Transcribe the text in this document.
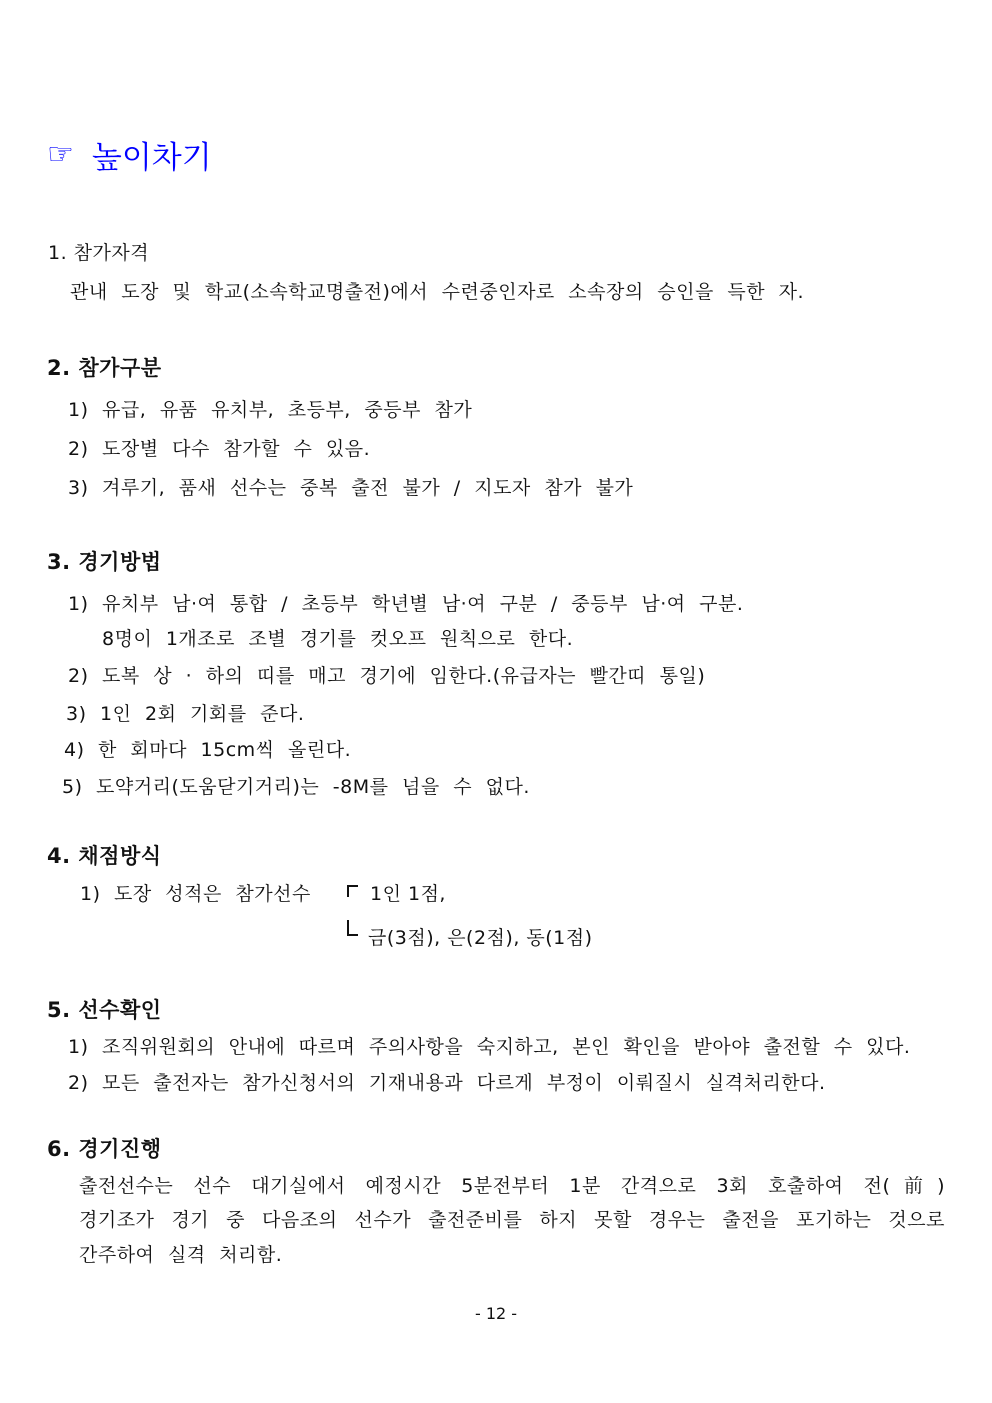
☞ 높이차기
1. 참가자격
관내 도장 및 학교(소속학교명출전)에서 수련중인자로 소속장의 승인을 득한 자.
2. 참가구분
1) 유급, 유품 유치부, 초등부, 중등부 참가
2) 도장별 다수 참가할 수 있음.
3) 겨루기, 품새 선수는 중복 출전 불가 / 지도자 참가 불가
3. 경기방법
1) 유치부 남·여 통합 / 초등부 학년별 남·여 구분 / 중등부 남·여 구분.
8명이 1개조로 조별 경기를 컷오프 원칙으로 한다.
2) 도복 상 · 하의 띠를 매고 경기에 임한다.(유급자는 빨간띠 통일)
3) 1인 2회 기회를 준다.
4) 한 회마다 15cm씩 올린다.
5) 도약거리(도움닫기거리)는 -8M를 넘을 수 없다.
4. 채점방식
1) 도장 성적은 참가선수	1인 1점,
금(3점), 은(2점), 동(1점)
5. 선수확인
1) 조직위원회의 안내에 따르며 주의사항을 숙지하고, 본인 확인을 받아야 출전할 수 있다.
2) 모든 출전자는 참가신청서의 기재내용과 다르게 부정이 이뤄질시 실격처리한다.
6. 경기진행
출전선수는 선수 대기실에서 예정시간 5분전부터 1분 간격으로 3회 호출하여 전(前)
경기조가 경기 중 다음조의 선수가 출전준비를 하지 못할 경우는 출전을 포기하는 것으로
간주하여 실격 처리함.
- 12 -
